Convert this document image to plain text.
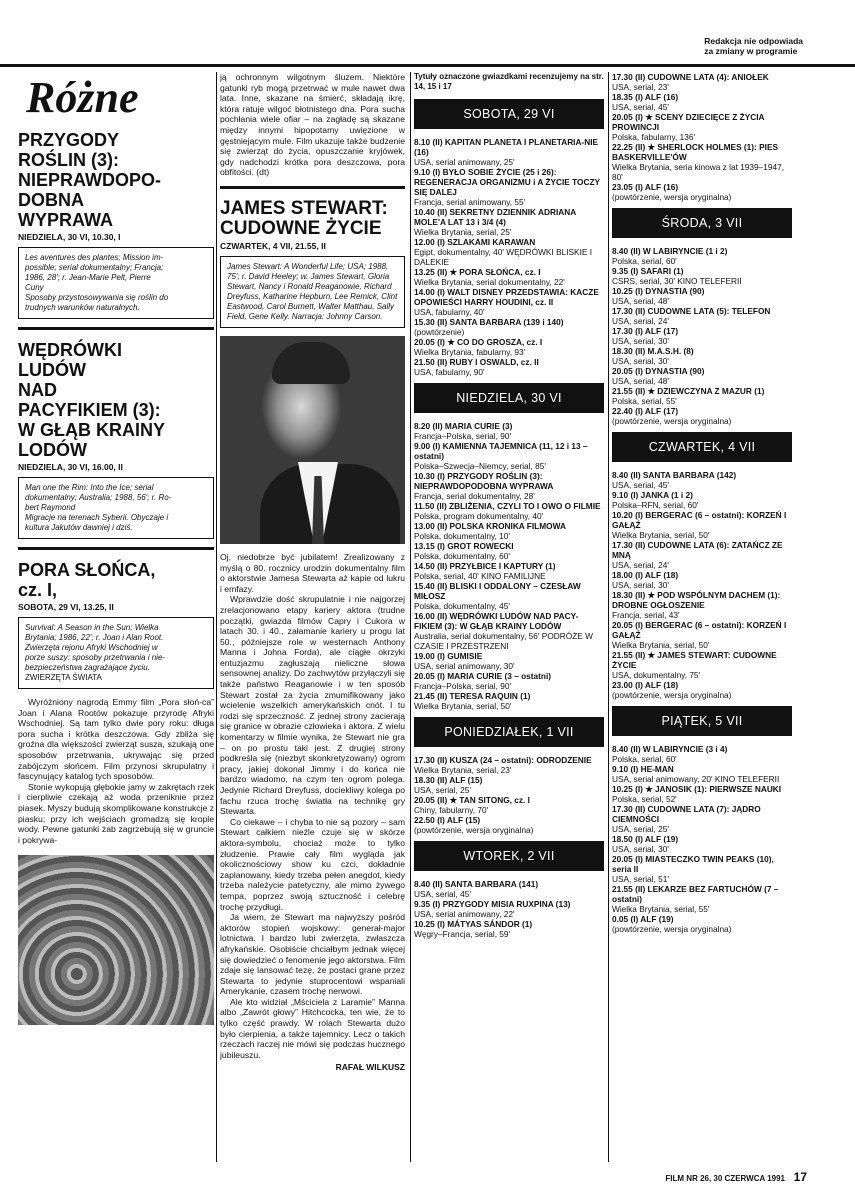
Redakcja nie odpowiada
za zmiany w programie
Różne
PRZYGODY
ROŚLIN (3):
NIEPRAWDOPO-
DOBNA
WYPRAWA
NIEDZIELA, 30 VI, 10.30, I
Les aventures des plantes; Mission im-
possible; serial dokumentalny; Francja;
1986, 28'; r. Jean-Marie Pelt, Pierre
Cuny
Sposoby przystosowywania się roślin do
trudnych warunków naturalnych.
WĘDRÓWKI
LUDÓW
NAD
PACYFIKIEM (3):
W GŁĄB KRAINY
LODÓW
NIEDZIELA, 30 VI, 16.00, II
Man one the Rim: Into the Ice; serial
dokumentalny; Australia; 1988, 56'; r. Ro-
bert Raymond
Migracje na terenach Syberii. Obyczaje i
kultura Jakutów dawniej i dziś.
PORA SŁOŃCA,
cz. I,
SOBOTA, 29 VI, 13.25, II
Survival: A Season in the Sun; Wielka
Brytania; 1986, 22'; r. Joan i Alan Root.
Zwierzęta rejonu Afryki Wschodniej w
porze suszy: sposoby przetrwania i nie-
bezpieczeństwa zagrażające życiu.
ZWIERZĘTA ŚWIATA

Wyróżniony nagrodą Emmy film „Pora słoń-ca” Joan i Alana Rootów pokazuje przyrodę Afryki Wschodniej. Są tam tylko dwie pory roku: długa pora sucha i krótka deszczowa. Gdy zbliża się groźna dla większości zwierząt susza, szukają one sposobów przetrwania, ukrywając się przed zabójczym słońcem. Film przynosi skrupulatny i fascynujący katalog tych sposobów.

Stonie wykopują głębokie jamy w zakrętach rzek i cierpliwie czekają aż woda przeniknie przez piasek. Myszy budują skomplikowane konstrukcje z piasku; przy ich wejściach gromadzą się krople wody. Pewne gatunki żab zagrzebują się w gruncie i pokrywa-

ją ochronnym wilgotnym śluzem. Niektóre gatunki ryb mogą przetrwać w mule nawet dwa lata. Inne, skazane na śmierć, składają ikrę, która ratuje wilgoć błotnistego dna. Pora sucha pochłania wiele ofiar – na zagładę są skazane między innymi hipopotamy uwięzione w gęstniejącym mule. Film ukazuje także budzenie się zwierząt do życia, opuszczanie kryjówek, gdy nadchodzi krótka pora deszczowa, pora obfitości. (dt)

JAMES STEWART:
CUDOWNE ŻYCIE
CZWARTEK, 4 VII, 21.55, II
James Stewart: A Wonderful Life; USA; 1988, 75'; r. David Heeley; w. James Stewart, Gloria Stewart, Nancy i Ronald Reaganowie, Richard Dreyfuss, Katharine Hepburn, Lee Remick, Clint Eastwood, Carol Burnett, Walter Matthau, Sally Field, Gene Kelly. Narracja: Johnny Carson.

Oj, niedobrze być jubilatem! Zrealizowany z myślą o 80. rocznicy urodzin dokumentalny film o aktorstwie Jamesa Stewarta aż kapie od lukru i emfazy.

Wprawdzie dość skrupulatnie i nie najgorzej zrelacjonowano etapy kariery aktora (trudne początki, gwiazda filmów Capry i Cukora w latach 30. i 40., załamanie kariery u progu lat 50., późniejsze role w westernach Anthony Manna i Johna Forda), ale ciągłe okrzyki entuzjazmu zagłuszają nieliczne słowa sensownej analizy. Do zachwytów przyłączyli się także państwo Reaganowie i w ten sposób Stewart został za życia zmumifikowany jako wcielenie wszelkich amerykańskich cnót. I tu rodzi się sprzeczność. Z jednej strony zacierają się granice w obrazie człowieka i aktora. Z wielu komentarzy w filmie wynika, że Stewart nie gra – on po prostu taki jest. Z drugiej strony podkreśla się (niezbyt skonkretyzowany) ogrom pracy, jakiej dokonał Jimmy i do końca nie bardzo wiadomo, na czym ten ogrom polega. Jedynie Richard Dreyfuss, dociekliwy kolega po fachu rzuca trochę światła na technikę gry Stewarta.

Co ciekawe – i chyba to nie są pozory – sam Stewart całkiem nieźle czuje się w skórze aktora-symbolu, chociaż może to tylko złudzenie. Prawie cały film wygląda jak okolicznościowy show ku czci, dokładnie zaplanowany, kiedy trzeba pełen anegdot, kiedy trzeba należycie patetyczny, ale mimo żywego tempa, poprzez swoją sztuczność i celebrę trochę przydługi.

Ja wiem, że Stewart ma najwyższy pośród aktorów stopień wojskowy: generał-major lotnictwa. I bardzo lubi zwierzęta, zwłaszcza afrykańskie. Osobiście chciałbym jednak więcej się dowiedzieć o fenomenie jego aktorstwa. Film zdaje się lansować tezę, że postaci grane przez Stewarta to jedynie stuprocentowi wspaniali Amerykanie, czasem trochę nerwowi.

Ale kto widział „Mściciela z Laramie” Manna albo „Zawrót głowy” Hitchcocka, ten wie, że to tylko część prawdy. W rolach Stewarta dużo było cierpienia, a także tajemnicy. Lecz o takich rzeczach raczej nie mówi się podczas hucznego jubileuszu.

RAFAŁ WILKUSZ
Tytuły oznaczone gwiazdkami recenzujemy na str. 14, 15 i 17
SOBOTA, 29 VI
8.10 (II) KAPITAN PLANETA I PLANETARIA-NIE (16)
USA, serial animowany, 25'
9.10 (I) BYŁO SOBIE ŻYCIE (25 i 26): REGENERACJA ORGANIZMU i A ŻYCIE TOCZY SIĘ DALEJ
Francja, serial animowany, 55'
10.40 (II) SEKRETNY DZIENNIK ADRIANA MOLE'A LAT 13 i 3/4 (4)
Wielka Brytania, serial, 25'
12.00 (I) SZLAKAMI KARAWAN
Egipt, dokumentalny, 40' WĘDRÓWKI BLISKIE I DALEKIE
13.25 (II) ★ PORA SŁOŃCA, cz. I
Wielka Brytania, serial dokumentalny, 22'
14.00 (I) WALT DISNEY PRZEDSTAWIA: KACZE OPOWIEŚCI HARRY HOUDINI, cz. II
USA, fabularny, 40'
15.30 (II) SANTA BARBARA (139 i 140)
(powtórzenie)
20.05 (I) ★ CO DO GROSZA, cz. I
Wielka Brytania, fabularny, 93'
21.50 (II) RUBY I OSWALD, cz. II
USA, fabularny, 90'
NIEDZIELA, 30 VI
8.20 (II) MARIA CURIE (3)
Francja–Polska, serial, 90'
9.00 (I) KAMIENNA TAJEMNICA (11, 12 i 13 – ostatni)
Polska–Szwecja–Niemcy, serial, 85'
10.30 (I) PRZYGODY ROŚLIN (3): NIEPRAWDOPODOBNA WYPRAWA
Francja, serial dokumentalny, 28'
11.50 (II) ZBLIŻENIA, CZYLI TO I OWO O FILMIE
Polska, program dokumentalny, 40'
13.00 (II) POLSKA KRONIKA FILMOWA
Polska, dokumentalny, 10'
13.15 (I) GROT ROWECKI
Polska, dokumentalny, 60'
14.50 (II) PRZYŁBICE I KAPTURY (1)
Polska, serial, 40' KINO FAMILIJNE
15.40 (II) BLISKI I ODDALONY – CZESŁAW MIŁOSZ
Polska, dokumentalny, 45'
16.00 (II) WĘDRÓWKI LUDÓW NAD PACY-FIKIEM (3): W GŁĄB KRAINY LODÓW
Australia, serial dokumentalny, 56' PODRÓŻE W CZASIE I PRZESTRZENI
19.00 (I) GUMISIE
USA, serial animowany, 30'
20.05 (I) MARIA CURIE (3 – ostatni)
Francja–Polska, serial, 90'
21.45 (II) TERESA RAQUIN (1)
Wielka Brytania, serial, 50'
PONIEDZIAŁEK, 1 VII
17.30 (II) KUSZA (24 – ostatni): ODRODZENIE
Wielka Brytania, serial, 23'
18.30 (II) ALF (15)
USA, serial, 25'
20.05 (II) ★ TAN SITONG, cz. I
Chiny, fabularny, 70'
22.50 (I) ALF (15)
(powtórzenie, wersja oryginalna)
WTOREK, 2 VII
8.40 (II) SANTA BARBARA (141)
USA, serial, 45'
9.35 (I) PRZYGODY MISIA RUXPINA (13)
USA, serial animowany, 22'
10.25 (I) MÁTYAS SÁNDOR (1)
Węgry–Francja, serial, 59'
17.30 (II) CUDOWNE LATA (4): ANIOŁEK
USA, serial, 23'
18.35 (I) ALF (16)
USA, serial, 45'
20.05 (I) ★ SCENY DZIECIĘCE Z ŻYCIA PROWINCJI
Polska, fabularny, 136'
22.25 (II) ★ SHERLOCK HOLMES (1): PIES BASKERVILLE'ÓW
Wielka Brytania, seria kinowa z lat 1939–1947, 80'
23.05 (I) ALF (16)
(powtórzenie, wersja oryginalna)
ŚRODA, 3 VII
8.40 (II) W LABIRYNCIE (1 i 2)
Polska, serial, 60'
9.35 (I) SAFARI (1)
CSRS, serial, 30' KINO TELEFERII
10.25 (I) DYNASTIA (90)
USA, serial, 48'
17.30 (II) CUDOWNE LATA (5): TELEFON
USA, serial, 24'
17.30 (I) ALF (17)
USA, serial, 30'
18.30 (II) M.A.S.H. (8)
USA, serial, 30'
20.05 (I) DYNASTIA (90)
USA, serial, 48'
21.55 (II) ★ DZIEWCZYNA Z MAZUR (1)
Polska, serial, 55'
22.40 (I) ALF (17)
(powtórzenie, wersja oryginalna)
CZWARTEK, 4 VII
8.40 (II) SANTA BARBARA (142)
USA, serial, 45'
9.10 (I) JANKA (1 i 2)
Polska–RFN, serial, 60'
10.20 (I) BERGERAC (6 – ostatni): KORZEŃ I GAŁĄŹ
Wielka Brytania, serial, 50'
17.30 (II) CUDOWNE LATA (6): ZATAŃCZ ZE MNĄ
USA, serial, 24'
18.00 (I) ALF (18)
USA, serial, 30'
18.30 (II) ★ POD WSPÓLNYM DACHEM (1): DROBNE OGŁOSZENIE
Francja, serial, 43'
20.05 (I) BERGERAC (6 – ostatni): KORZEŃ I GAŁĄŹ
Wielka Brytania, serial, 50'
21.55 (II) ★ JAMES STEWART: CUDOWNE ŻYCIE
USA, dokumentalny, 75'
23.00 (I) ALF (18)
(powtórzenie, wersja oryginalna)
PIĄTEK, 5 VII
8.40 (II) W LABIRYNCIE (3 i 4)
Polska, serial, 60'
9.10 (I) HE-MAN
USA, serial animowany, 20' KINO TELEFERII
10.25 (I) ★ JANOSIK (1): PIERWSZE NAUKI
Polska, serial, 52'
17.30 (II) CUDOWNE LATA (7): JĄDRO CIEMNOŚCI
USA, serial, 25'
18.50 (I) ALF (19)
USA, serial, 30'
20.05 (I) MIASTECZKO TWIN PEAKS (10), seria II
USA, serial, 51'
21.55 (II) LEKARZE BEZ FARTUCHÓW (7 – ostatni)
Wielka Brytania, serial, 55'
0.05 (I) ALF (19)
(powtórzenie, wersja oryginalna)
FILM NR 26, 30 CZERWCA 1991 17
